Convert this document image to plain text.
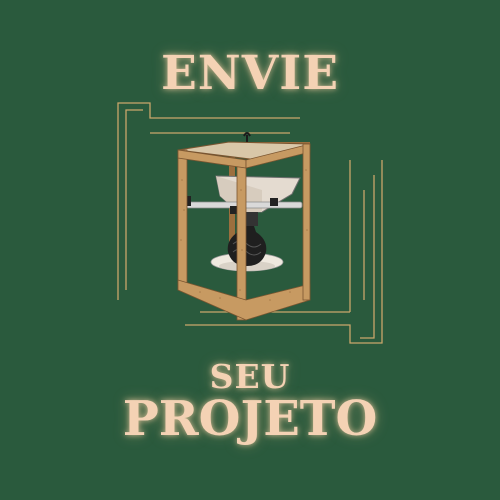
ENVIE
SEU
PROJETO
